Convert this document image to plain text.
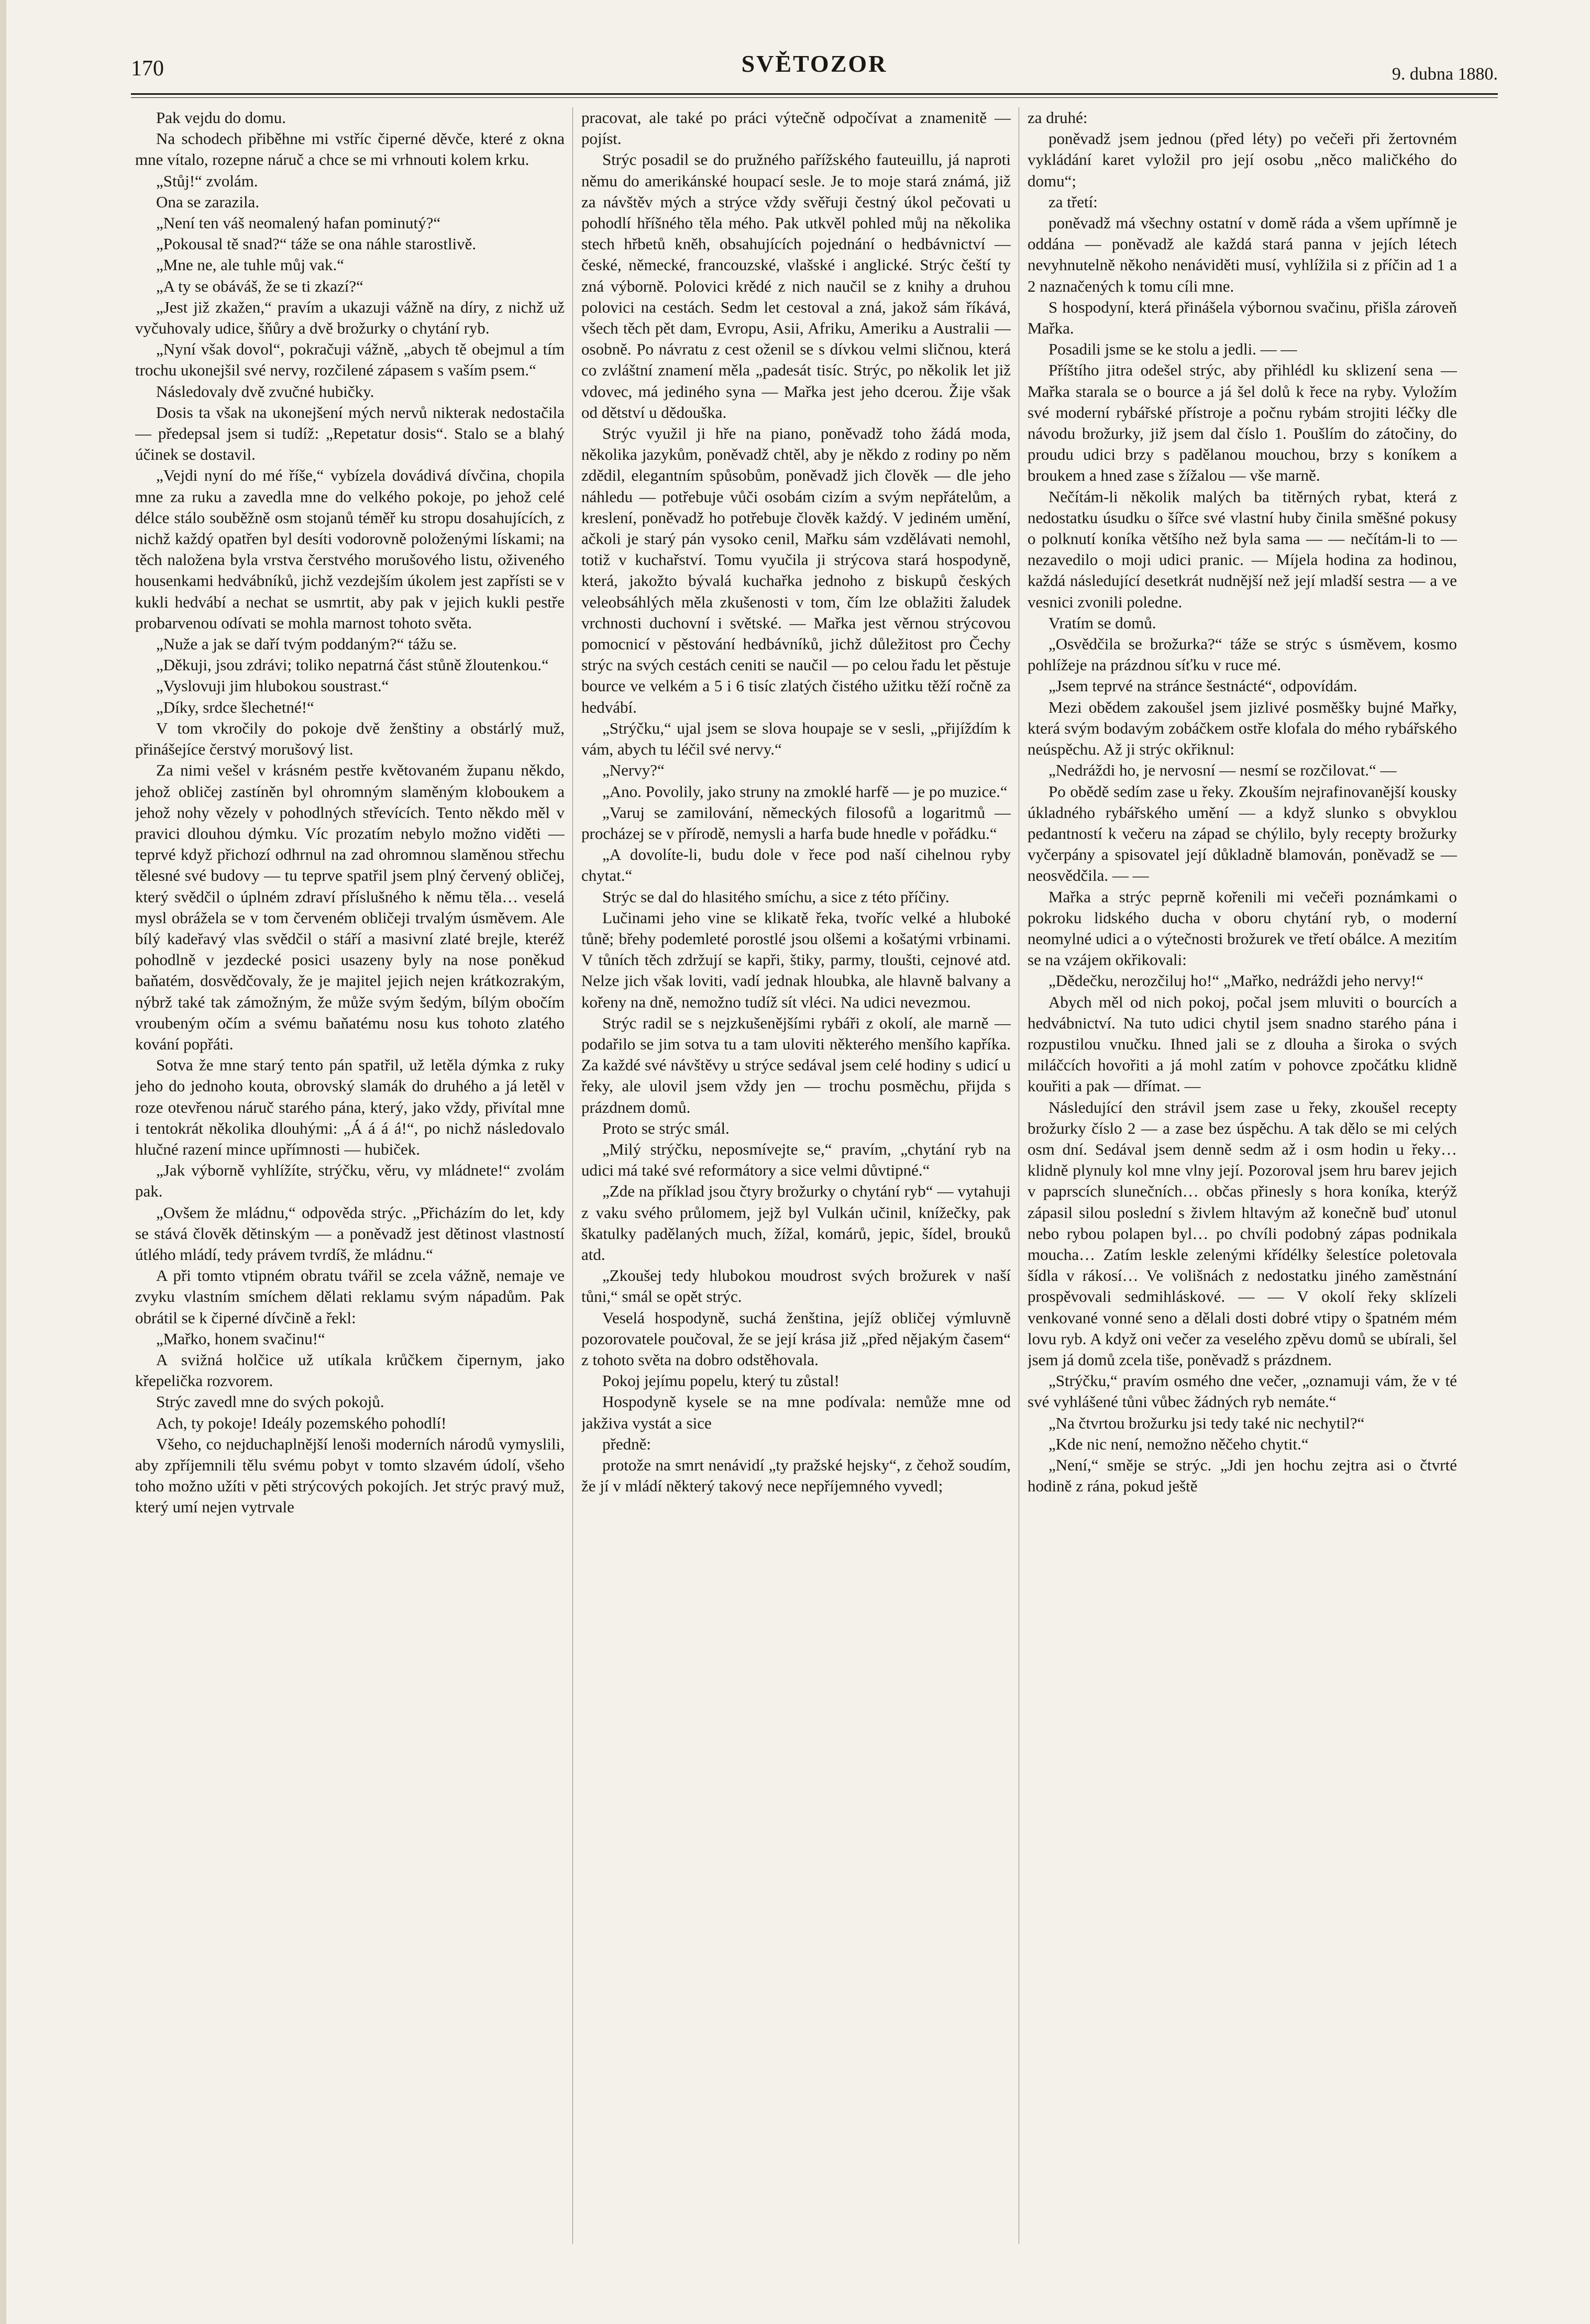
170	SVĚTOZOR	9. dubna 1880.

Pak vejdu do domu.

Na schodech přiběhne mi vstříc čiperné děvče, které z okna mne vítalo, rozepne náruč a chce se mi vrhnouti kolem krku.

„Stůj!“ zvolám.

Ona se zarazila.

„Není ten váš neomalený hafan pominutý?“

„Pokousal tě snad?“ táže se ona náhle starostlivě.

„Mne ne, ale tuhle můj vak.“

„A ty se obáváš, že se ti zkazí?“

„Jest již zkažen,“ pravím a ukazuji vážně na díry, z nichž už vyčuhovaly udice, šňůry a dvě brožurky o chytání ryb.

„Nyní však dovol“, pokračuji vážně, „abych tě obejmul a tím trochu ukonejšil své nervy, rozčilené zápasem s vaším psem.“

Následovaly dvě zvučné hubičky.

Dosis ta však na ukonejšení mých nervů nikterak nedostačila — předepsal jsem si tudíž: „Repetatur dosis“. Stalo se a blahý účinek se dostavil.

„Vejdi nyní do mé říše,“ vybízela dovádivá dívčina, chopila mne za ruku a zavedla mne do velkého pokoje, po jehož celé délce stálo souběžně osm stojanů téměř ku stropu dosahujících, z nichž každý opatřen byl desíti vodorovně položenými lískami; na těch naložena byla vrstva čerstvého morušového listu, oživeného housenkami hedvábníků, jichž vezdejším úkolem jest zapřísti se v kukli hedvábí a nechat se usmrtit, aby pak v jejich kukli pestře probarvenou odívati se mohla marnost tohoto světa.

„Nuže a jak se daří tvým poddaným?“ tážu se.

„Děkuji, jsou zdrávi; toliko nepatrná část stůně žloutenkou.“

„Vyslovuji jim hlubokou soustrast.“

„Díky, srdce šlechetné!“

V tom vkročily do pokoje dvě ženštiny a obstárlý muž, přinášejíce čerstvý morušový list.

Za nimi vešel v krásném pestře květovaném županu někdo, jehož obličej zastíněn byl ohromným slaměným kloboukem a jehož nohy vězely v pohodlných střevících. Tento někdo měl v pravici dlouhou dýmku. Víc prozatím nebylo možno viděti — teprvé když přichozí odhrnul na zad ohromnou slaměnou střechu tělesné své budovy — tu teprve spatřil jsem plný červený obličej, který svědčil o úplném zdraví příslušného k němu těla… veselá mysl obrážela se v tom červeném obličeji trvalým úsměvem. Ale bílý kadeřavý vlas svědčil o stáří a masivní zlaté brejle, kteréž pohodlně v jezdecké posici usazeny byly na nose poněkud baňatém, dosvědčovaly, že je majitel jejich nejen krátkozrakým, nýbrž také tak zámožným, že může svým šedým, bílým obočím vroubeným očím a svému baňatému nosu kus tohoto zlatého kování popřáti.

Sotva že mne starý tento pán spatřil, už letěla dýmka z ruky jeho do jednoho kouta, obrovský slamák do druhého a já letěl v roze otevřenou náruč starého pána, který, jako vždy, přivítal mne i tentokrát několika dlouhými: „Á á á á!“, po nichž následovalo hlučné razení mince upřímnosti — hubiček.

„Jak výborně vyhlížíte, strýčku, věru, vy mládnete!“ zvolám pak.

„Ovšem že mládnu,“ odpověda strýc. „Přicházím do let, kdy se stává člověk dětinským — a poněvadž jest dětinost vlastností útlého mládí, tedy právem tvrdíš, že mládnu.“

A při tomto vtipném obratu tvářil se zcela vážně, nemaje ve zvyku vlastním smíchem dělati reklamu svým nápadům. Pak obrátil se k čiperné dívčině a řekl:

„Mařko, honem svačinu!“

A svižná holčice už utíkala krůčkem čipernym, jako křepelička rozvorem.

Strýc zavedl mne do svých pokojů.

Ach, ty pokoje! Ideály pozemského pohodlí!

Všeho, co nejduchaplnější lenoši moderních národů vymyslili, aby zpříjemnili tělu svému pobyt v tomto slzavém údolí, všeho toho možno užíti v pěti strýcových pokojích. Jet strýc pravý muž, který umí nejen vytrvale

pracovat, ale také po práci výtečně odpočívat a znamenitě — pojíst.

Strýc posadil se do pružného pařížského fauteuillu, já naproti němu do amerikánské houpací sesle. Je to moje stará známá, již za návštěv mých a strýce vždy svěřuji čestný úkol pečovati u pohodlí hříšného těla mého. Pak utkvěl pohled můj na několika stech hřbetů kněh, obsahujících pojednání o hedbávnictví — české, německé, francouzské, vlašské i anglické. Strýc čeští ty zná výborně. Polovici krědé z nich naučil se z knihy a druhou polovici na cestách. Sedm let cestoval a zná, jakož sám říkává, všech těch pět dam, Evropu, Asii, Afriku, Ameriku a Australii — osobně. Po návratu z cest oženil se s dívkou velmi sličnou, která co zvláštní znamení měla „padesát tisíc. Strýc, po několik let již vdovec, má jediného syna — Mařka jest jeho dcerou. Žije však od dětství u dědouška.

Strýc využil ji hře na piano, poněvadž toho žádá moda, několika jazykům, poněvadž chtěl, aby je někdo z rodiny po něm zdědil, elegantním spůsobům, poněvadž jich člověk — dle jeho náhledu — potřebuje vůči osobám cizím a svým nepřátelům, a kreslení, poněvadž ho potřebuje člověk každý. V jediném umění, ačkoli je starý pán vysoko cenil, Mařku sám vzdělávati nemohl, totiž v kuchařství. Tomu vyučila ji strýcova stará hospodyně, která, jakožto bývalá kuchařka jednoho z biskupů českých veleobsáhlých měla zkušenosti v tom, čím lze oblažiti žaludek vrchnosti duchovní i světské. — Mařka jest věrnou strýcovou pomocnicí v pěstování hedbávníků, jichž důležitost pro Čechy strýc na svých cestách ceniti se naučil — po celou řadu let pěstuje bource ve velkém a 5 i 6 tisíc zlatých čistého užitku těží ročně za hedvábí.

„Strýčku,“ ujal jsem se slova houpaje se v sesli, „přijíždím k vám, abych tu léčil své nervy.“

„Nervy?“

„Ano. Povolily, jako struny na zmoklé harfě — je po muzice.“

„Varuj se zamilování, německých filosofů a logaritmů — procházej se v přírodě, nemysli a harfa bude hnedle v pořádku.“

„A dovolíte-li, budu dole v řece pod naší cihelnou ryby chytat.“

Strýc se dal do hlasitého smíchu, a sice z této příčiny.

Lučinami jeho vine se klikatě řeka, tvoříc velké a hluboké tůně; břehy podemleté porostlé jsou olšemi a košatými vrbinami. V tůních těch zdržují se kapři, štiky, parmy, tloušti, cejnové atd. Nelze jich však loviti, vadí jednak hloubka, ale hlavně balvany a kořeny na dně, nemožno tudíž sít vléci. Na udici nevezmou.

Strýc radil se s nejzkušenějšími rybáři z okolí, ale marně — podařilo se jim sotva tu a tam uloviti některého menšího kapříka. Za každé své návštěvy u strýce sedával jsem celé hodiny s udicí u řeky, ale ulovil jsem vždy jen — trochu posměchu, přijda s prázdnem domů.

Proto se strýc smál.

„Milý strýčku, neposmívejte se,“ pravím, „chytání ryb na udici má také své reformátory a sice velmi důvtipné.“

„Zde na příklad jsou čtyry brožurky o chytání ryb“ — vytahuji z vaku svého průlomem, jejž byl Vulkán učinil, knížečky, pak škatulky padělaných much, žížal, komárů, jepic, šídel, brouků atd.

„Zkoušej tedy hlubokou moudrost svých brožurek v naší tůni,“ smál se opět strýc.

Veselá hospodyně, suchá ženština, jejíž obličej výmluvně pozorovatele poučoval, že se její krása již „před nějakým časem“ z tohoto světa na dobro odstěhovala.

Pokoj jejímu popelu, který tu zůstal!

Hospodyně kysele se na mne podívala: nemůže mne od jakživa vystát a sice

předně:

protože na smrt nenávidí „ty pražské hejsky“, z čehož soudím, že jí v mládí některý takový nece nepříjemného vyvedl;

za druhé:

poněvadž jsem jednou (před léty) po večeři při žertovném vykládání karet vyložil pro její osobu „něco maličkého do domu“;

za třetí:

poněvadž má všechny ostatní v domě ráda a všem upřímně je oddána — poněvadž ale každá stará panna v jejích létech nevyhnutelně někoho nenáviděti musí, vyhlížila si z příčin ad 1 a 2 naznačených k tomu cíli mne.

S hospodyní, která přinášela výbornou svačinu, přišla zároveň Mařka.

Posadili jsme se ke stolu a jedli. — —

Příštího jitra odešel strýc, aby přihlédl ku sklizení sena — Mařka starala se o bource a já šel dolů k řece na ryby. Vyložím své moderní rybářské přístroje a počnu rybám strojiti léčky dle návodu brožurky, již jsem dal číslo 1. Poušlím do zátočiny, do proudu udici brzy s padělanou mouchou, brzy s koníkem a broukem a hned zase s žížalou — vše marně.

Nečítám-li několik malých ba titěrných rybat, která z nedostatku úsudku o šířce své vlastní huby činila směšné pokusy o polknutí koníka většího než byla sama — — nečítám-li to — nezavedilo o moji udici pranic. — Míjela hodina za hodinou, každá následující desetkrát nudnější než její mladší sestra — a ve vesnici zvonili poledne.

Vratím se domů.

„Osvědčila se brožurka?“ táže se strýc s úsměvem, kosmo pohlížeje na prázdnou síťku v ruce mé.

„Jsem teprvé na stránce šestnácté“, odpovídám.

Mezi obědem zakoušel jsem jizlivé posměšky bujné Mařky, která svým bodavým zobáčkem ostře klofala do mého rybářského neúspěchu. Až ji strýc okřiknul:

„Nedráždi ho, je nervosní — nesmí se rozčilovat.“ —

Po obědě sedím zase u řeky. Zkouším nejrafinovanější kousky úkladného rybářského umění — a když slunko s obvyklou pedantností k večeru na západ se chýlilo, byly recepty brožurky vyčerpány a spisovatel její důkladně blamován, poněvadž se — neosvědčila. — —

Mařka a strýc peprně kořenili mi večeři poznámkami o pokroku lidského ducha v oboru chytání ryb, o moderní neomylné udici a o výtečnosti brožurek ve třetí obálce. A mezitím se na vzájem okřikovali:

„Dědečku, nerozčiluj ho!“ „Mařko, nedráždi jeho nervy!“

Abych měl od nich pokoj, počal jsem mluviti o bourcích a hedvábnictví. Na tuto udici chytil jsem snadno starého pána i rozpustilou vnučku. Ihned jali se z dlouha a široka o svých miláčcích hovořiti a já mohl zatím v pohovce zpočátku klidně kouřiti a pak — dřímat. —

Následující den strávil jsem zase u řeky, zkoušel recepty brožurky číslo 2 — a zase bez úspěchu. A tak dělo se mi celých osm dní. Sedával jsem denně sedm až i osm hodin u řeky… klidně plynuly kol mne vlny její. Pozoroval jsem hru barev jejich v paprscích slunečních… občas přinesly s hora koníka, kterýž zápasil silou poslední s živlem hltavým až konečně buď utonul nebo rybou polapen byl… po chvíli podobný zápas podnikala moucha… Zatím leskle zelenými křídélky šelestíce poletovala šídla v rákosí… Ve volišnách z nedostatku jiného zaměstnání prospěvovali sedmihláskové. — — V okolí řeky sklízeli venkované vonné seno a dělali dosti dobré vtipy o špatném mém lovu ryb. A když oni večer za veselého zpěvu domů se ubírali, šel jsem já domů zcela tiše, poněvadž s prázdnem.

„Strýčku,“ pravím osmého dne večer, „oznamuji vám, že v té své vyhlášené tůni vůbec žádných ryb nemáte.“

„Na čtvrtou brožurku jsi tedy také nic nechytil?“

„Kde nic není, nemožno něčeho chytit.“

„Není,“ směje se strýc. „Jdi jen hochu zejtra asi o čtvrté hodině z rána, pokud ještě
